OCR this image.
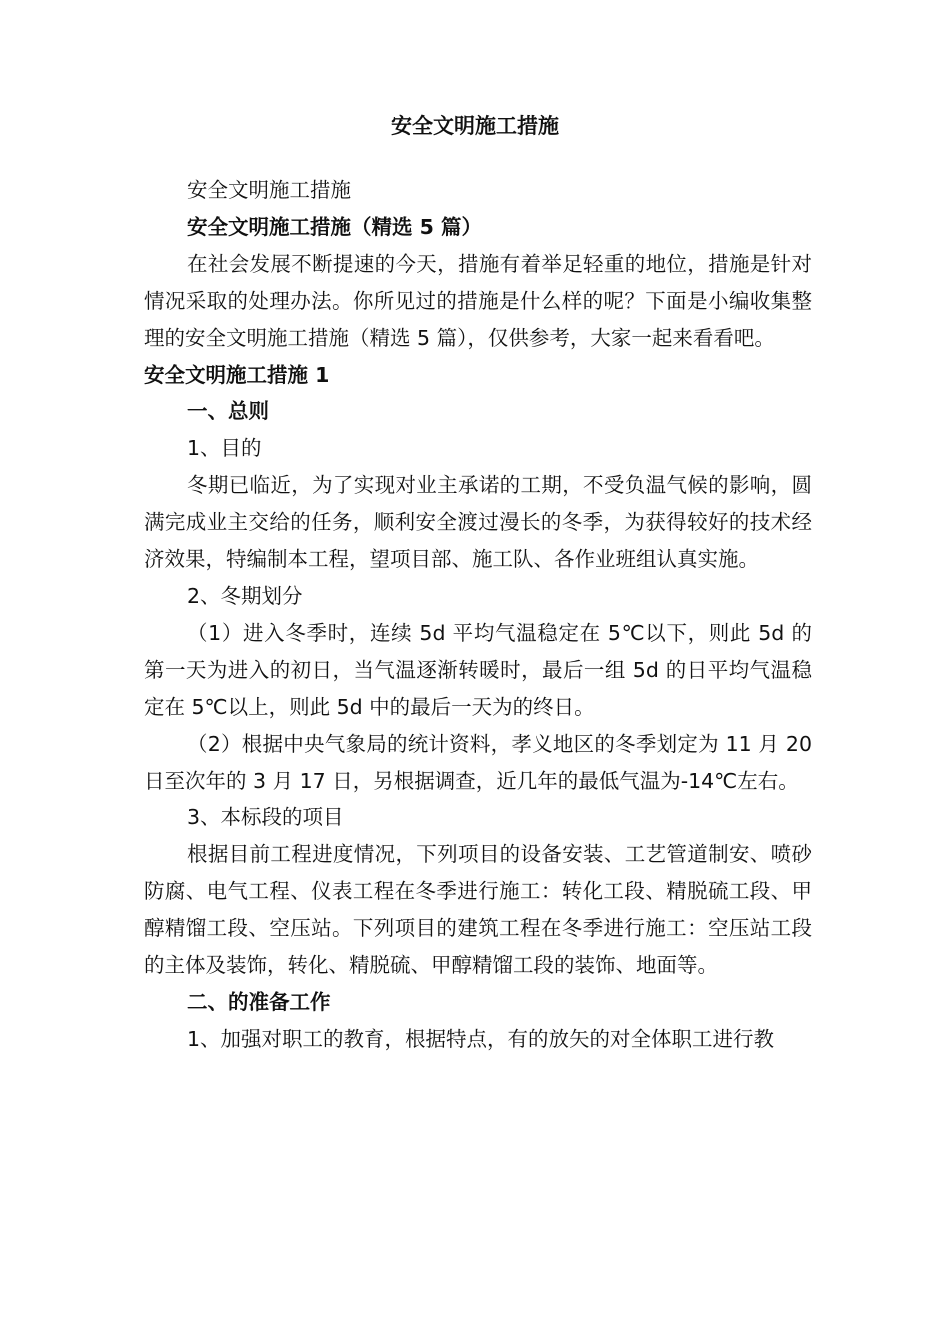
安全文明施工措施

安全文明施工措施

安全文明施工措施（精选 5 篇）

在社会发展不断提速的今天，措施有着举足轻重的地位，措施是针对情况采取的处理办法。你所见过的措施是什么样的呢？下面是小编收集整理的安全文明施工措施（精选 5 篇），仅供参考，大家一起来看看吧。

安全文明施工措施 1

一、总则

1、目的

冬期已临近，为了实现对业主承诺的工期，不受负温气候的影响，圆满完成业主交给的任务，顺利安全渡过漫长的冬季，为获得较好的技术经济效果，特编制本工程，望项目部、施工队、各作业班组认真实施。

2、冬期划分

（1）进入冬季时，连续 5d 平均气温稳定在 5℃以下，则此 5d 的第一天为进入的初日，当气温逐渐转暖时，最后一组 5d 的日平均气温稳定在 5℃以上，则此 5d 中的最后一天为的终日。

（2）根据中央气象局的统计资料，孝义地区的冬季划定为 11 月 20 日至次年的 3 月 17 日，另根据调查，近几年的最低气温为-14℃左右。

3、本标段的项目

根据目前工程进度情况，下列项目的设备安装、工艺管道制安、喷砂防腐、电气工程、仪表工程在冬季进行施工：转化工段、精脱硫工段、甲醇精馏工段、空压站。下列项目的建筑工程在冬季进行施工：空压站工段的主体及装饰，转化、精脱硫、甲醇精馏工段的装饰、地面等。

二、的准备工作

1、加强对职工的教育，根据特点，有的放矢的对全体职工进行教
